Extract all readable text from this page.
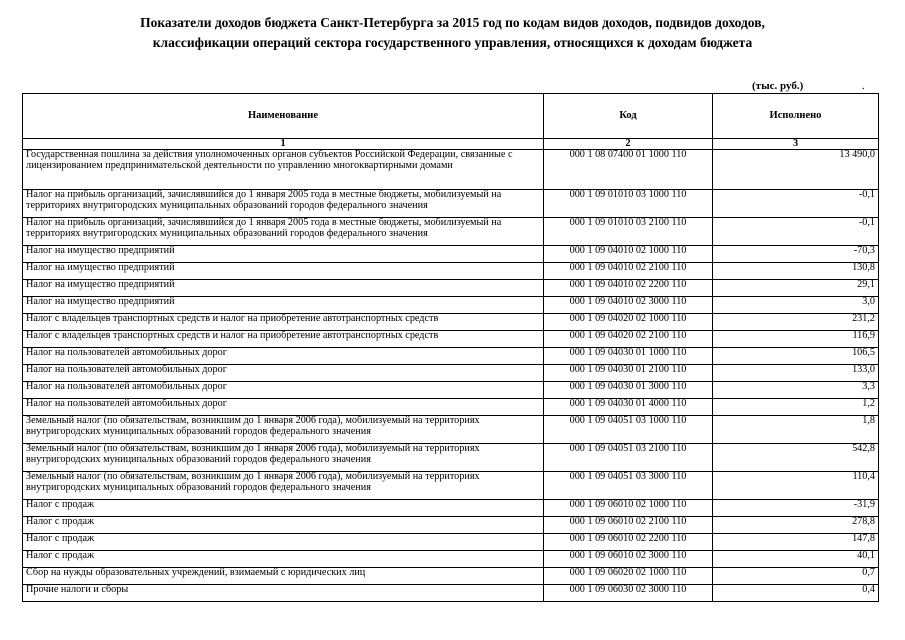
Показатели доходов бюджета Санкт-Петербурга за 2015 год по кодам видов доходов, подвидов доходов,
классификации операций сектора государственного управления, относящихся к доходам бюджета
(тыс. руб.)	.
Наименование	Код	Исполнено
1	2	3
Государственная пошлина за действия уполномоченных органов субъектов Российской Федерации, связанные с лицензированием предпринимательской деятельности по управлению многоквартирными домами	000 1 08 07400 01 1000 110	13 490,0
Налог на прибыль организаций, зачислявшийся до 1 января 2005 года в местные бюджеты, мобилизуемый на территориях внутригородских муниципальных образований городов федерального значения	000 1 09 01010 03 1000 110	-0,1
Налог на прибыль организаций, зачислявшийся до 1 января 2005 года в местные бюджеты, мобилизуемый на территориях внутригородских муниципальных образований городов федерального значения	000 1 09 01010 03 2100 110	-0,1
Налог на имущество предприятий	000 1 09 04010 02 1000 110	-70,3
Налог на имущество предприятий	000 1 09 04010 02 2100 110	130,8
Налог на имущество предприятий	000 1 09 04010 02 2200 110	29,1
Налог на имущество предприятий	000 1 09 04010 02 3000 110	3,0
Налог с владельцев транспортных средств и налог на приобретение автотранспортных средств	000 1 09 04020 02 1000 110	231,2
Налог с владельцев транспортных средств и налог на приобретение автотранспортных средств	000 1 09 04020 02 2100 110	116,9
Налог на пользователей автомобильных дорог	000 1 09 04030 01 1000 110	106,5
Налог на пользователей автомобильных дорог	000 1 09 04030 01 2100 110	133,0
Налог на пользователей автомобильных дорог	000 1 09 04030 01 3000 110	3,3
Налог на пользователей автомобильных дорог	000 1 09 04030 01 4000 110	1,2
Земельный налог (по обязательствам, возникшим до 1 января 2006 года), мобилизуемый на территориях внутригородских муниципальных образований городов федерального значения	000 1 09 04051 03 1000 110	1,8
Земельный налог (по обязательствам, возникшим до 1 января 2006 года), мобилизуемый на территориях внутригородских муниципальных образований городов федерального значения	000 1 09 04051 03 2100 110	542,8
Земельный налог (по обязательствам, возникшим до 1 января 2006 года), мобилизуемый на территориях внутригородских муниципальных образований городов федерального значения	000 1 09 04051 03 3000 110	110,4
Налог с продаж	000 1 09 06010 02 1000 110	-31,9
Налог с продаж	000 1 09 06010 02 2100 110	278,8
Налог с продаж	000 1 09 06010 02 2200 110	147,8
Налог с продаж	000 1 09 06010 02 3000 110	40,1
Сбор на нужды образовательных учреждений, взимаемый с юридических лиц	000 1 09 06020 02 1000 110	0,7
Прочие налоги и сборы	000 1 09 06030 02 3000 110	0,4
